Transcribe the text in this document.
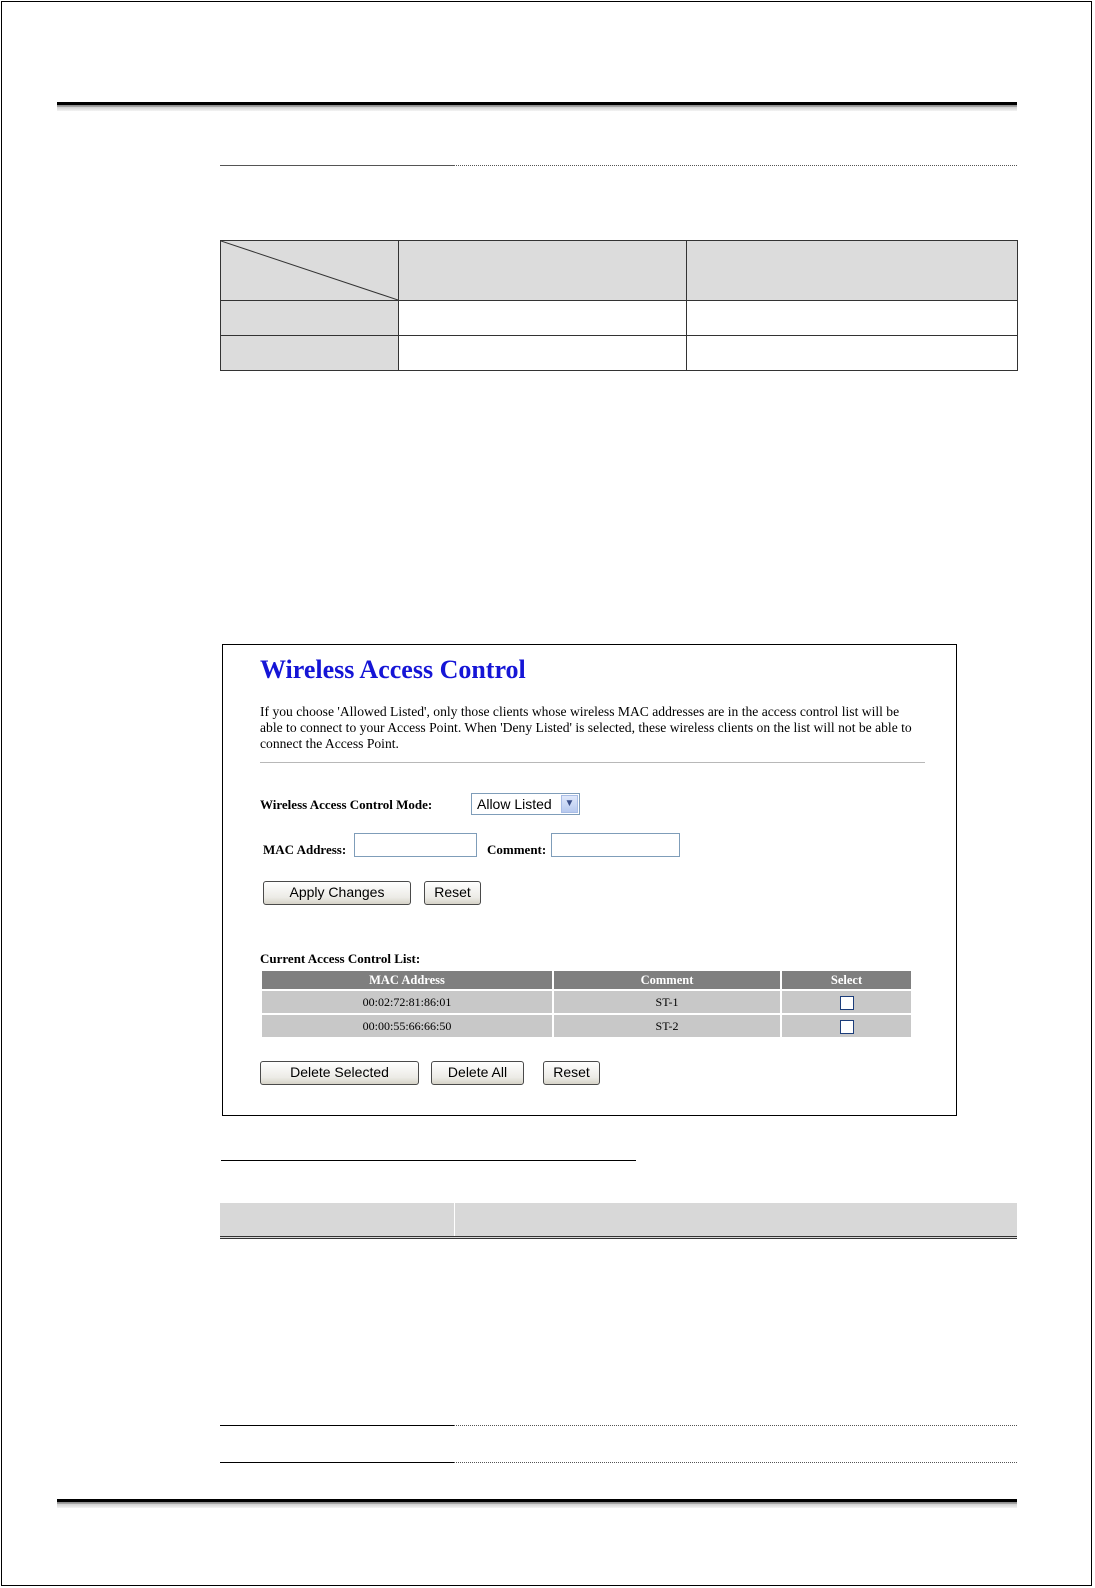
Wireless Access Control
If you choose 'Allowed Listed', only those clients whose wireless MAC addresses are in the access control list will be able to connect to your Access Point. When 'Deny Listed' is selected, these wireless clients on the list will not be able to connect the Access Point.
Wireless Access Control Mode:	Allow Listed	▼
MAC Address:	Comment:
Apply Changes	Reset
Current Access Control List:
MAC Address	Comment	Select
00:02:72:81:86:01	ST-1	
00:00:55:66:66:50	ST-2	
Delete Selected	Delete All	Reset
